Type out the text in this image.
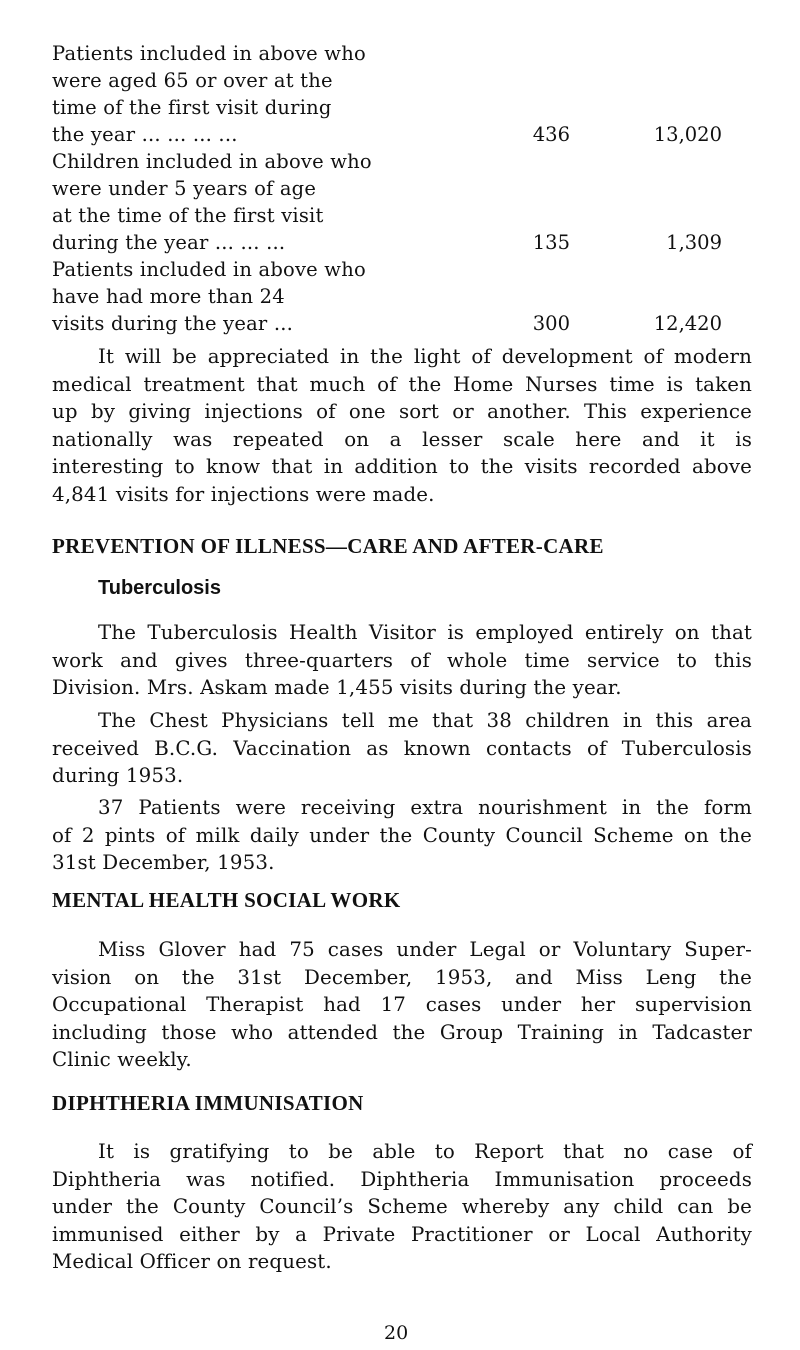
Patients included in above who
were aged 65 or over at the
time of the first visit during
the year ... ... ... ...	436	13,020
Children included in above who
were under 5 years of age
at the time of the first visit
during the year ... ... ...	135	1,309
Patients included in above who
have had more than 24
visits during the year ...	300	12,420
It will be appreciated in the light of development of modern
medical treatment that much of the Home Nurses time is taken
up by giving injections of one sort or another. This experience
nationally was repeated on a lesser scale here and it is
interesting to know that in addition to the visits recorded above
4,841 visits for injections were made.
PREVENTION OF ILLNESS—CARE AND AFTER-CARE
Tuberculosis
The Tuberculosis Health Visitor is employed entirely on that
work and gives three-quarters of whole time service to this
Division. Mrs. Askam made 1,455 visits during the year.
The Chest Physicians tell me that 38 children in this area
received B.C.G. Vaccination as known contacts of Tuberculosis
during 1953.
37 Patients were receiving extra nourishment in the form
of 2 pints of milk daily under the County Council Scheme on the
31st December, 1953.
MENTAL HEALTH SOCIAL WORK
Miss Glover had 75 cases under Legal or Voluntary Super-
vision on the 31st December, 1953, and Miss Leng the
Occupational Therapist had 17 cases under her supervision
including those who attended the Group Training in Tadcaster
Clinic weekly.
DIPHTHERIA IMMUNISATION
It is gratifying to be able to Report that no case of
Diphtheria was notified. Diphtheria Immunisation proceeds
under the County Council’s Scheme whereby any child can be
immunised either by a Private Practitioner or Local Authority
Medical Officer on request.
20
